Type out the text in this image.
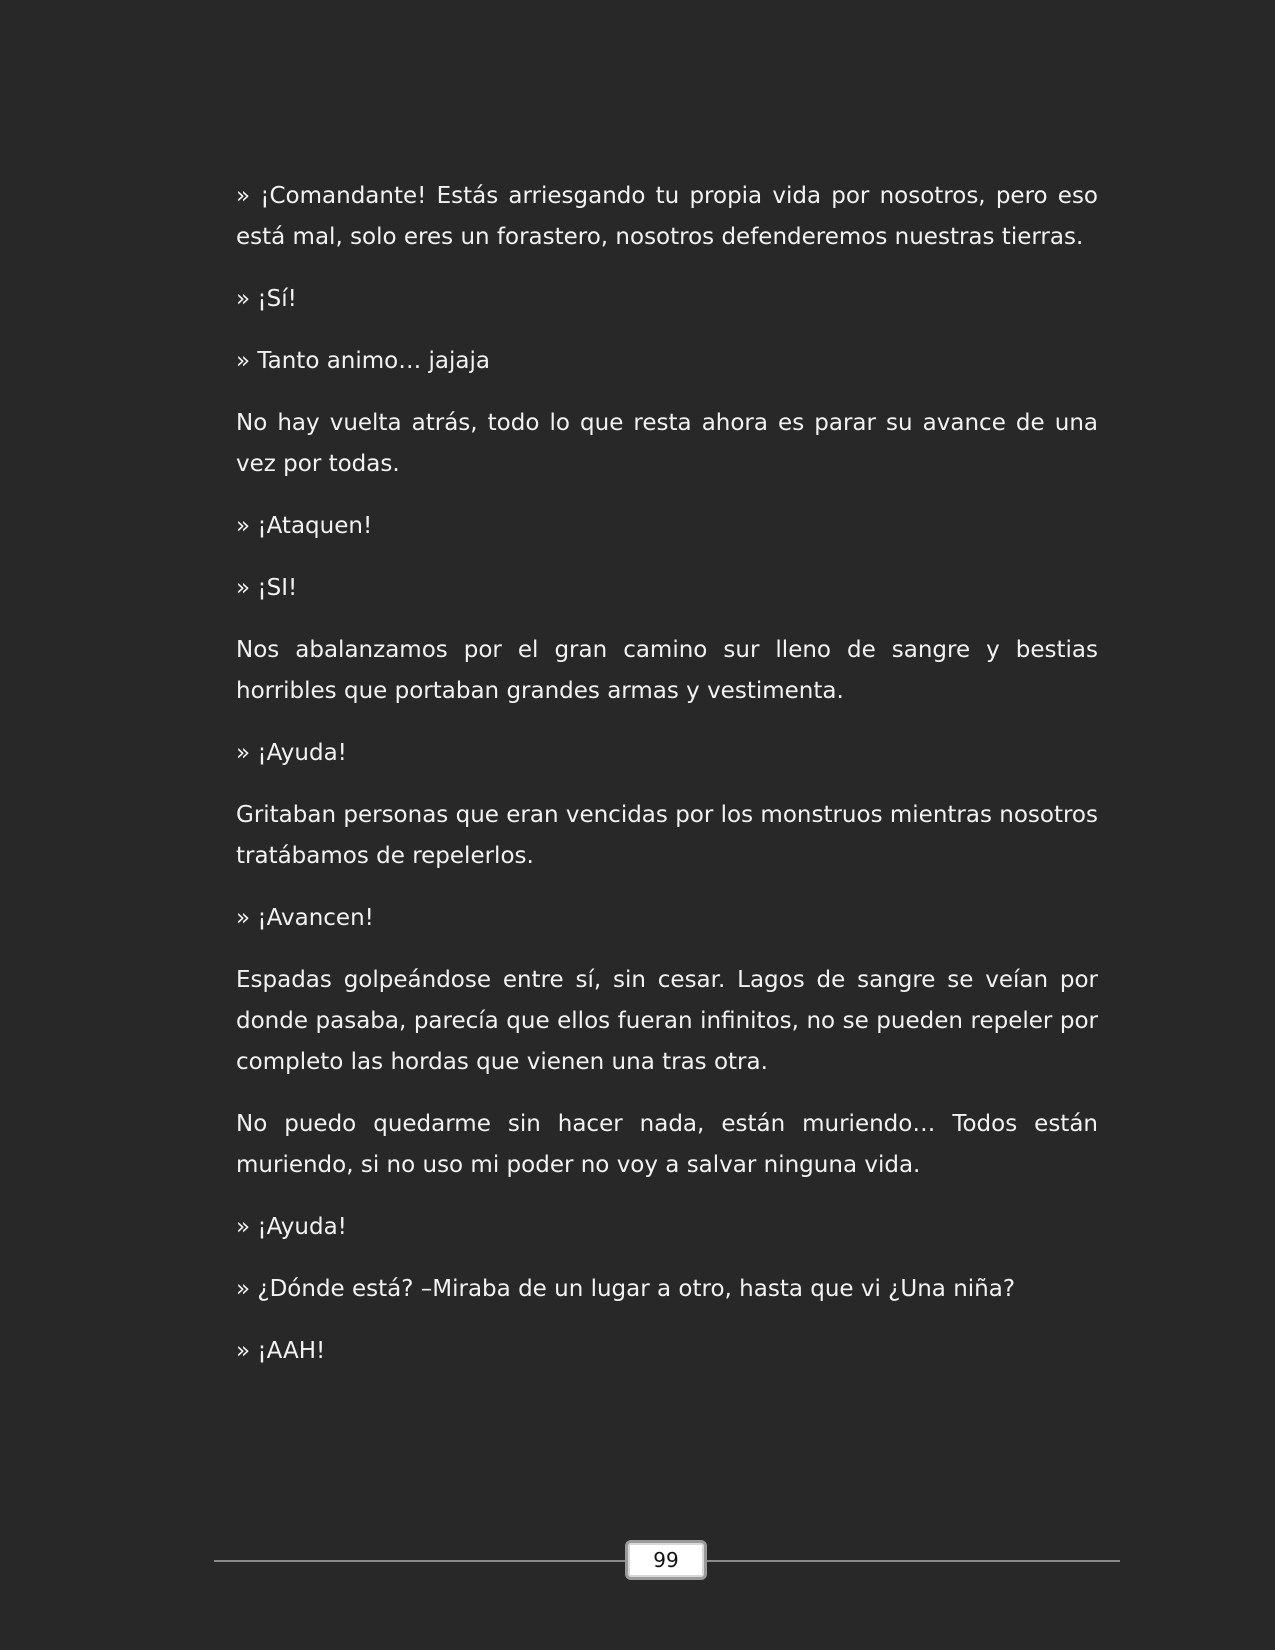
» ¡Comandante! Estás arriesgando tu propia vida por nosotros, pero eso está mal, solo eres un forastero, nosotros defenderemos nuestras tierras.

» ¡Sí!

» Tanto animo… jajaja

No hay vuelta atrás, todo lo que resta ahora es parar su avance de una vez por todas.

» ¡Ataquen!

» ¡SI!

Nos abalanzamos por el gran camino sur lleno de sangre y bestias horribles que portaban grandes armas y vestimenta.

» ¡Ayuda!

Gritaban personas que eran vencidas por los monstruos mientras nosotros tratábamos de repelerlos.

» ¡Avancen!

Espadas golpeándose entre sí, sin cesar. Lagos de sangre se veían por donde pasaba, parecía que ellos fueran infinitos, no se pueden repeler por completo las hordas que vienen una tras otra.

No puedo quedarme sin hacer nada, están muriendo… Todos están muriendo, si no uso mi poder no voy a salvar ninguna vida.

» ¡Ayuda!

» ¿Dónde está? –Miraba de un lugar a otro, hasta que vi ¿Una niña?

» ¡AAH!

99
